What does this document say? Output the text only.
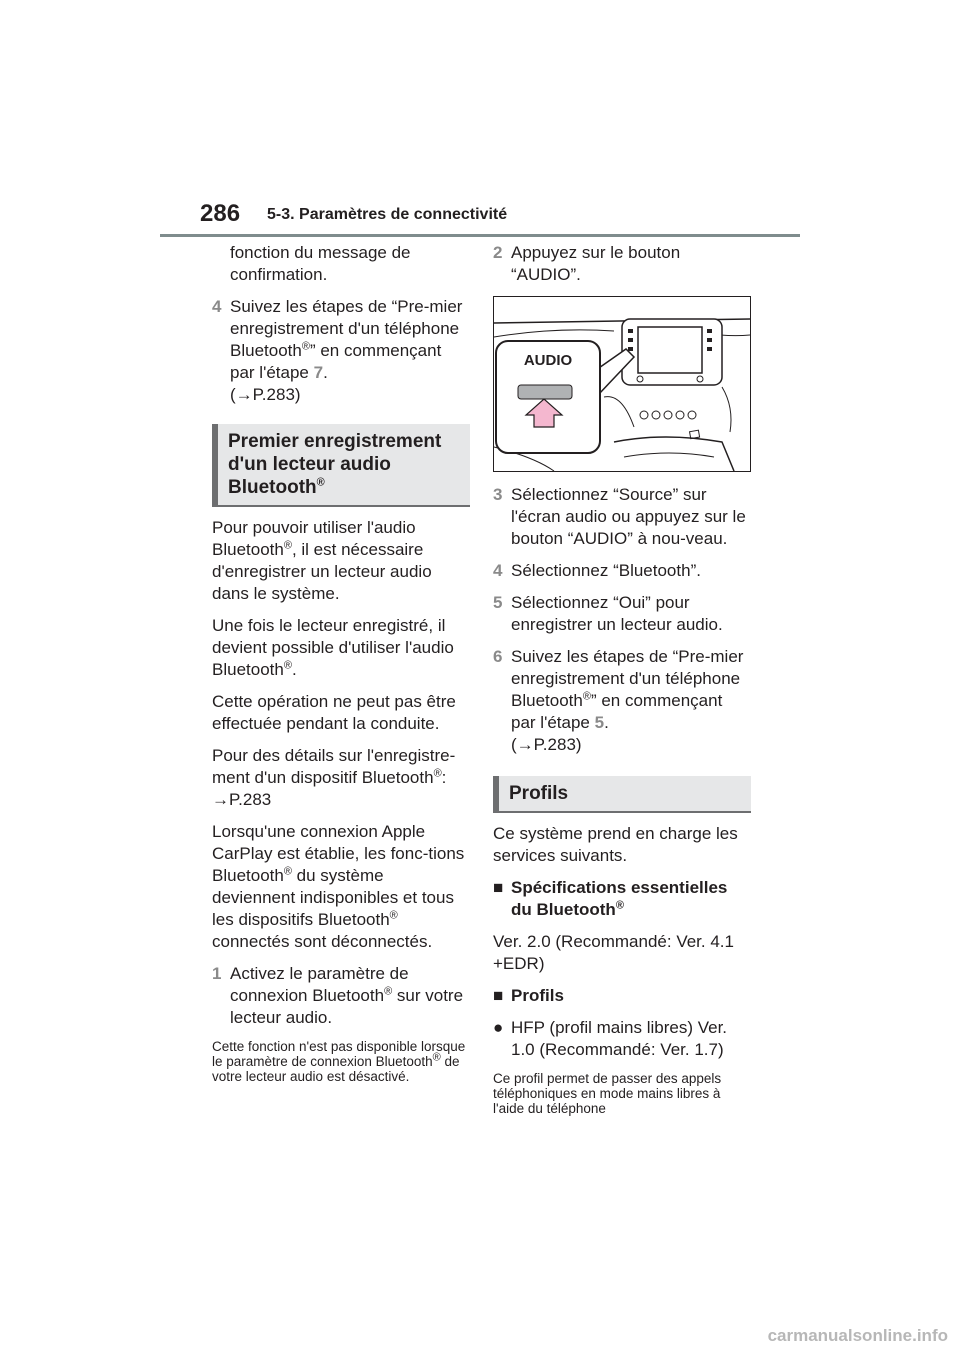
286 5-3. Paramètres de connectivité
fonction du message de confirmation.
4 Suivez les étapes de “Pre-mier enregistrement d'un téléphone Bluetooth®” en commençant par l'étape 7.
(→P.283)
Premier enregistrement d'un lecteur audio Bluetooth®

Pour pouvoir utiliser l'audio Bluetooth®, il est nécessaire d'enregistrer un lecteur audio dans le système.

Une fois le lecteur enregistré, il devient possible d'utiliser l'audio Bluetooth®.

Cette opération ne peut pas être effectuée pendant la conduite.

Pour des détails sur l'enregistre-ment d'un dispositif Bluetooth®:
→P.283

Lorsqu'une connexion Apple CarPlay est établie, les fonc-tions Bluetooth® du système deviennent indisponibles et tous les dispositifs Bluetooth® connectés sont déconnectés.

1 Activez le paramètre de connexion Bluetooth® sur votre lecteur audio.

Cette fonction n'est pas disponible lorsque le paramètre de connexion Bluetooth® de votre lecteur audio est désactivé.

2 Appuyez sur le bouton “AUDIO”.
AUDIO
3 Sélectionnez “Source” sur l'écran audio ou appuyez sur le bouton “AUDIO” à nou-veau.
4 Sélectionnez “Bluetooth”.
5 Sélectionnez “Oui” pour enregistrer un lecteur audio.
6 Suivez les étapes de “Pre-mier enregistrement d'un téléphone Bluetooth®” en commençant par l'étape 5.
(→P.283)
Profils

Ce système prend en charge les services suivants.

■ Spécifications essentielles du Bluetooth®

Ver. 2.0 (Recommandé: Ver. 4.1 +EDR)

■ Profils
● HFP (profil mains libres) Ver. 1.0 (Recommandé: Ver. 1.7)

Ce profil permet de passer des appels téléphoniques en mode mains libres à l'aide du téléphone

carmanualsonline.info
